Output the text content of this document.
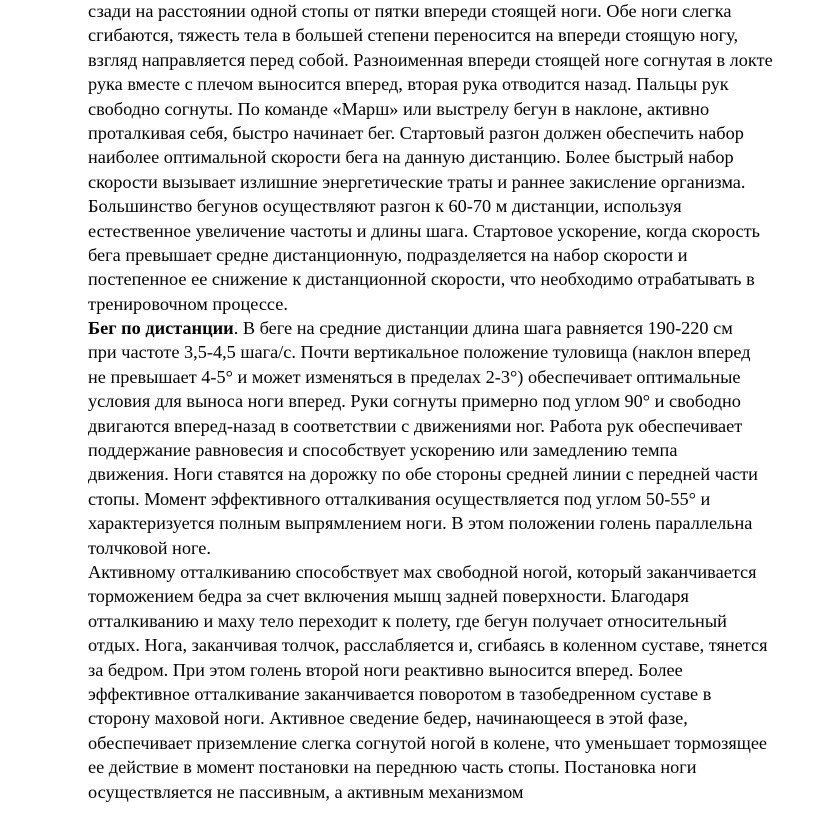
сзади на расстоянии одной стопы от пятки впереди стоящей ноги. Обе ноги слегка
сгибаются, тяжесть тела в большей степени переносится на впереди стоящую ногу,
взгляд направляется перед собой. Разноименная впереди стоящей ноге согнутая в локте
рука вместе с плечом выносится вперед, вторая рука отводится назад. Пальцы рук
свободно согнуты. По команде «Марш» или выстрелу бегун в наклоне, активно
проталкивая себя, быстро начинает бег. Стартовый разгон должен обеспечить набор
наиболее оптимальной скорости бега на данную дистанцию. Более быстрый набор
скорости вызывает излишние энергетические траты и раннее закисление организма.
Большинство бегунов осуществляют разгон к 60-70 м дистанции, используя
естественное увеличение частоты и длины шага. Стартовое ускорение, когда скорость
бега превышает средне дистанционную, подразделяется на набор скорости и
постепенное ее снижение к дистанционной скорости, что необходимо отрабатывать в
тренировочном процессе.
Бег по дистанции. В беге на средние дистанции длина шага равняется 190-220 см
при частоте 3,5-4,5 шага/с. Почти вертикальное положение туловища (наклон вперед
не превышает 4-5° и может изменяться в пределах 2-3°) обеспечивает оптимальные
условия для выноса ноги вперед. Руки согнуты примерно под углом 90° и свободно
двигаются вперед-назад в соответствии с движениями ног. Работа рук обеспечивает
поддержание равновесия и способствует ускорению или замедлению темпа
движения. Ноги ставятся на дорожку по обе стороны средней линии с передней части
стопы. Момент эффективного отталкивания осуществляется под углом 50-55° и
характеризуется полным выпрямлением ноги. В этом положении голень параллельна
толчковой ноге.
Активному отталкиванию способствует мах свободной ногой, который заканчивается
торможением бедра за счет включения мышц задней поверхности. Благодаря
отталкиванию и маху тело переходит к полету, где бегун получает относительный
отдых. Нога, заканчивая толчок, расслабляется и, сгибаясь в коленном суставе, тянется
за бедром. При этом голень второй ноги реактивно выносится вперед. Более
эффективное отталкивание заканчивается поворотом в тазобедренном суставе в
сторону маховой ноги. Активное сведение бедер, начинающееся в этой фазе,
обеспечивает приземление слегка согнутой ногой в колене, что уменьшает тормозящее
ее действие в момент постановки на переднюю часть стопы. Постановка ноги
осуществляется не пассивным, а активным механизмом
